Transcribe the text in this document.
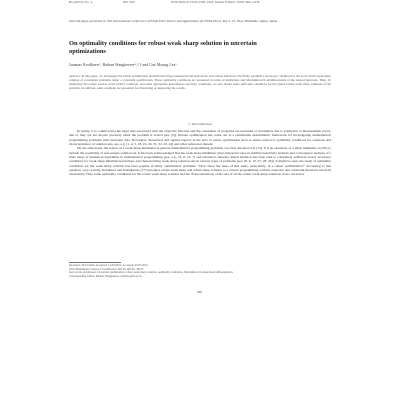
Ba (2023), No. 3,	661–652	Print Edition: ISSN 2336-1416; Online Edition: ISSN 2461-1456
Selected paper presented at 13th International Conference of Fixed Point Theory and Applications (ICFPTA 2022), July 9–13, 2022, Hokkaido, Japan, Japan
On optimality conditions for robust weak sharp solution in uncertain optimizations
Jutamas Kerdkaew¹, Rabian Wangkeeree¹,²,† and Gue Myung Lee³
Abstract. In this paper, we investigate the robust optimization problem involving nonsmooth and nonconvex real-valued functions. We firstly establish a necessary condition for the local robust weak sharp solution of considered problems under a constraint qualification. These optimality conditions are presented in terms of multipliers and Mordukhovich subdifferentials of the related functions. Then, by employing the robust version of the (KKT) condition, and some appropriate generalized convexity conditions, we also obtain some sufficient conditions for the global robust weak sharp solutions of the problem. In addition, some examples are presented for illustrating or supporting the results.
1. Introduction

In reality, it is common that the input data associated with the objective function and the constraints of programs are uncertain or incomplete due to prediction or measurement errors, that is, they are not known precisely when the problem is solved (see [5]). Robust optimization has come out as a remarkable deterministic framework for investigating mathematical programming problems with uncertain data. Nowadays, theoretical and applied aspects in the area of robust optimization such as issues related to optimality conditions for solutions and characterization of solution sets, see, e.g. [1, 4, 5, 18, 19, 24, 31, 32, 23, 24] and other references therein.

On the other-hand, the notion of a weak sharp minimizer in general mathematical programming problems was first introduced in [13]. It is an extension of a sharp minimizer in [25] to include the possibility of non-unique solution set. It has been acknowledged that the weak sharp minimizer plays important roles in stability/sensitivity analysis and convergence analysis of a wide range of numerical algorithms in mathematical programming (see, e.g., [8, 6, 16, 7] and references therein). Much attention has been paid to completely sufficient and/or necessary conditions for weak sharp minimizers/solutions and characterizing weak sharp solution sets in various types of problems (see, [8, 9, 10, 27, 28, 26]). It might be seen, the study of optimality conditions for the weak sharp solution has been popular in many optimization problems. “How about the issue of this study, particularly, in a robust optimization?” According to this question, very recently, Kerdkaew and Wangkeeree [17] introduce robust weak sharp and robust sharp solution to a convex programming with the objective and constraint functions involved uncertainty. They some optimality conditions for the robust weak sharp solution and the characterizations of the sets of all the robust weak sharp solutions were concerned.

Received: 29.01.2022. Accepted: 15.09.2022. Accepted: 09.03.2022.
2010 Mathematics Subject Classification. 90C25, 90C46, 49J53.
Key words and phrases. Uncertain optimization, robust weak sharp solution, optimality conditions, Mordukhovich generalized differentiation.
Corresponding author: Rabian Wangkeeree; rabianw@nu.ac.th
661
